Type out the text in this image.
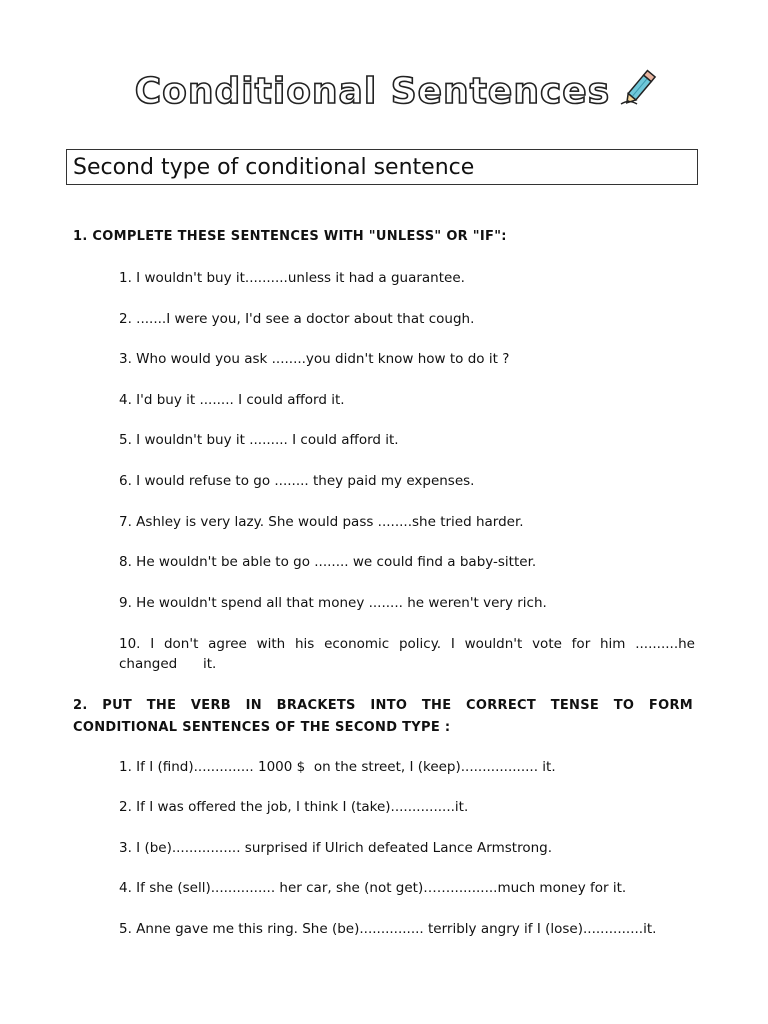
Conditional Sentences
Second type of conditional sentence
1. COMPLETE THESE SENTENCES WITH "UNLESS" OR "IF":
1. I wouldn't buy it..........unless it had a guarantee.
2. .......I were you, I'd see a doctor about that cough.
3. Who would you ask ........you didn't know how to do it ?
4. I'd buy it ........ I could afford it.
5. I wouldn't buy it ......... I could afford it.
6. I would refuse to go ........ they paid my expenses.
7. Ashley is very lazy. She would pass ........she tried harder.
8. He wouldn't be able to go ........ we could find a baby-sitter.
9. He wouldn't spend all that money ........ he weren't very rich.
10. I don't agree with his economic policy. I wouldn't vote for him ..........he
changed      it.
2. PUT THE VERB IN BRACKETS INTO THE CORRECT TENSE TO FORM
CONDITIONAL SENTENCES OF THE SECOND TYPE :
1. If I (find).............. 1000 $  on the street, I (keep).................. it.
2. If I was offered the job, I think I (take)...............it.
3. I (be)................ surprised if Ulrich defeated Lance Armstrong.
4. If she (sell)............... her car, she (not get)……...........much money for it.
5. Anne gave me this ring. She (be)............... terribly angry if I (lose)..............it.
